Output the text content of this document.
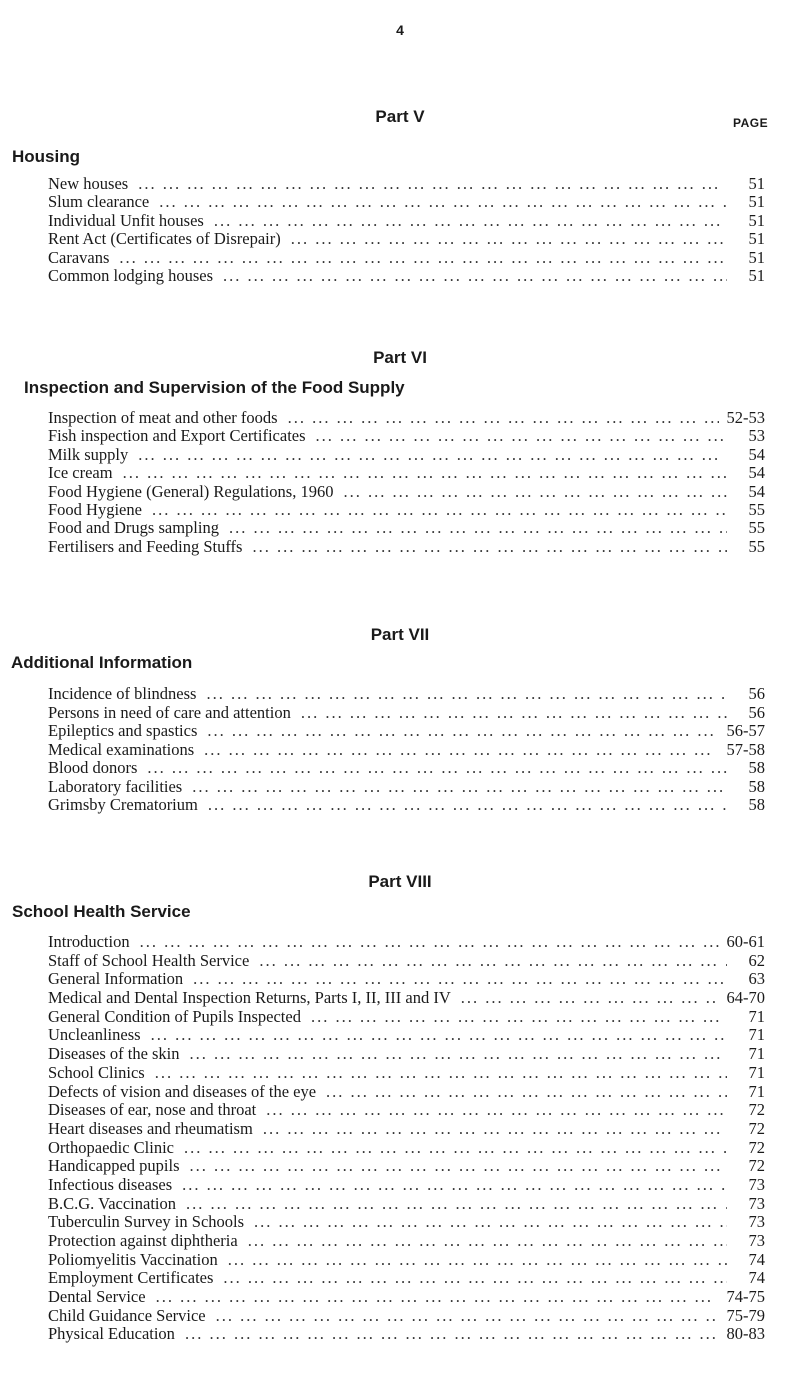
4
PAGE
Part V
Housing
New houses ... .	51
Slum clearance ... .	51
Individual Unfit houses ... .	51
Rent Act (Certificates of Disrepair) ... .	51
Caravans ... .	51
Common lodging houses ... .	51
Part VI
Inspection and Supervision of the Food Supply
Inspection of meat and other foods ... .	52-53
Fish inspection and Export Certificates ... .	53
Milk supply ... .	54
Ice cream ... .	54
Food Hygiene (General) Regulations, 1960 ... .	54
Food Hygiene ... .	55
Food and Drugs sampling ... .	55
Fertilisers and Feeding Stuffs ... .	55
Part VII
Additional Information
Incidence of blindness ... .	56
Persons in need of care and attention ... .	56
Epileptics and spastics ... .	56-57
Medical examinations ... .	57-58
Blood donors ... .	58
Laboratory facilities ... .	58
Grimsby Crematorium ... .	58
Part VIII
School Health Service
Introduction ... .	60-61
Staff of School Health Service ... .	62
General Information ... .	63
Medical and Dental Inspection Returns, Parts I, II, III and IV ... .	64-70
General Condition of Pupils Inspected ... .	71
Uncleanliness ... .	71
Diseases of the skin ... .	71
School Clinics ... .	71
Defects of vision and diseases of the eye ... .	71
Diseases of ear, nose and throat ... .	72
Heart diseases and rheumatism ... .	72
Orthopaedic Clinic ... .	72
Handicapped pupils ... .	72
Infectious diseases ... .	73
B.C.G. Vaccination ... .	73
Tuberculin Survey in Schools ... .	73
Protection against diphtheria ... .	73
Poliomyelitis Vaccination ... .	74
Employment Certificates ... .	74
Dental Service ... .	74-75
Child Guidance Service ... .	75-79
Physical Education ... .	80-83
